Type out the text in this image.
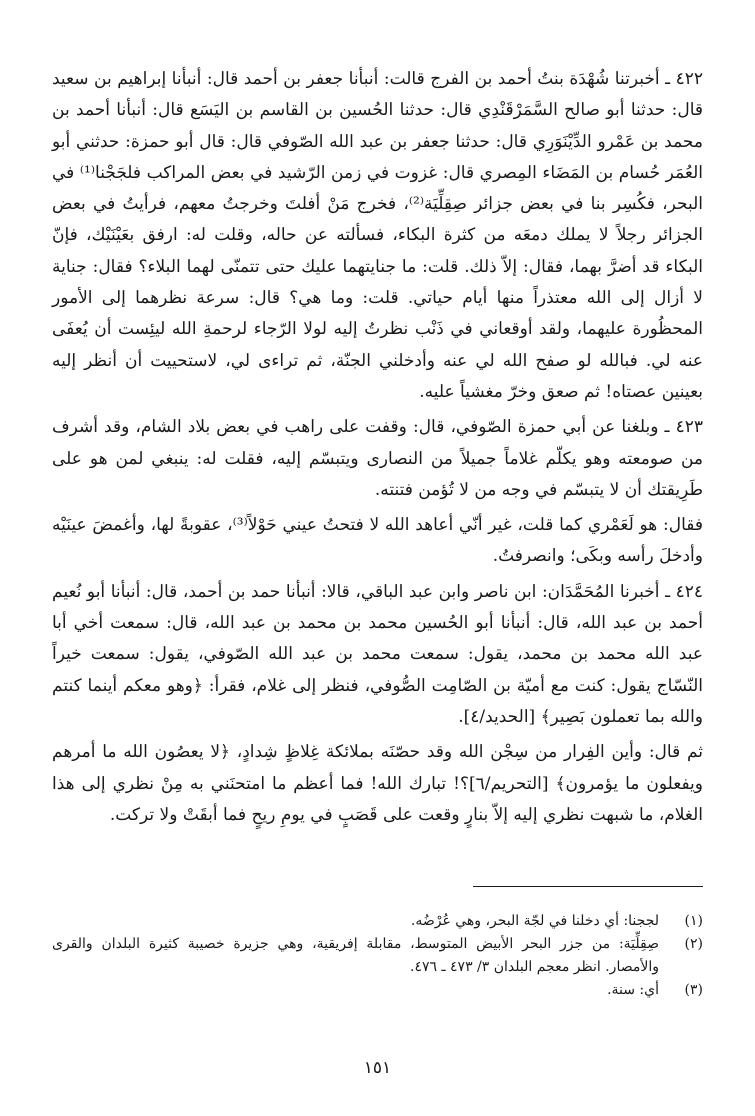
٤٢٢ ـ أخبرتنا شُهْدَة بنتُ أحمد بن الفرج قالت: أنبأنا جعفر بن أحمد قال: أنبأنا إبراهيم بن سعيد قال: حدثنا أبو صالح السَّمَرْقَنْدِي قال: حدثنا الحُسين بن القاسم بن اليَسَع قال: أنبأنا أحمد بن محمد بن عَمْرو الدِّيْنَوَرِي قال: حدثنا جعفر بن عبد الله الصّوفي قال: قال أبو حمزة: حدثني أبو العُمَر حُسام بن المَضَاء المِصري قال: غزوت في زمن الرّشيد في بعض المراكب فلجَجْنا⁽¹⁾ في البحر، فكُسِر بنا في بعض جزائر صِقِلِّيَة⁽²⁾، فخرج مَنْ أفلتَ وخرجتُ معهم، فرأيتُ في بعض الجزائر رجلاً لا يملك دمعَه من كثرة البكاء، فسألته عن حاله، وقلت له: ارفق بعَيْنَيْك، فإنّ البكاء قد أضرَّ بهما، فقال: إلاّ ذلك. قلت: ما جنايتهما عليك حتى تتمنّى لهما البلاء؟ فقال: جناية لا أزال إلى الله معتذراً منها أيام حياتي. قلت: وما هي؟ قال: سرعة نظرهما إلى الأمور المحظُورة عليهما، ولقد أوقعاني في ذَنْب نظرتُ إليه لولا الرّجاء لرحمةِ الله ليئِست أن يُعفَى عنه لي. فبالله لو صفح الله لي عنه وأدخلني الجنّة، ثم تراءى لي، لاستحييت أن أنظر إليه بعينين عصتاه! ثم صعق وخرّ مغشياً عليه.

٤٢٣ ـ وبلغنا عن أبي حمزة الصّوفي، قال: وقفت على راهب في بعض بلاد الشام، وقد أشرف من صومعته وهو يكلّم غلاماً جميلاً من النصارى ويتبسّم إليه، فقلت له: ينبغي لمن هو على طَرِيقتك أن لا يتبسّم في وجه من لا تُؤمن فتنته.

فقال: هو لَعَمْري كما قلت، غير أنّي أعاهد الله لا فتحتُ عيني حَوْلاً⁽³⁾، عقوبةً لها، وأغمضَ عينَيْه وأدخلَ رأسه وبكَى؛ وانصرفتُ.

٤٢٤ ـ أخبرنا المُحَمَّدَان: ابن ناصر وابن عبد الباقي، قالا: أنبأنا حمد بن أحمد، قال: أنبأنا أبو نُعيم أحمد بن عبد الله، قال: أنبأنا أبو الحُسين محمد بن محمد بن عبد الله، قال: سمعت أخي أبا عبد الله محمد بن محمد، يقول: سمعت محمد بن عبد الله الصّوفي، يقول: سمعت خيراً النّسّاج يقول: كنت مع أميّة بن الصّامِت الصُّوفي، فنظر إلى غلام، فقرأ: ﴿وهو معكم أينما كنتم والله بما تعملون بَصِير﴾ [الحديد/٤].

ثم قال: وأين الفِرار من سِجْن الله وقد حصّنَه بملائكة غِلاظٍ شِدادٍ، ﴿لا يعصُون الله ما أمرهم ويفعلون ما يؤمرون﴾ [التحريم/٦]؟! تبارك الله! فما أعظم ما امتحنَني به مِنْ نظري إلى هذا الغلام، ما شبهت نظري إليه إلاّ بنارٍ وقعت على قَصَبٍ في يومِ ريحٍ فما أبقَتْ ولا تركت.

(١)
لججنا: أي دخلنا في لجّة البحر، وهي عُرْضُه.
(٢)
صِقِلِّيَة: من جزر البحر الأبيض المتوسط، مقابلة إفريقية، وهي جزيرة خصيبة كثيرة البلدان والقرى والأمصار. انظر معجم البلدان ٣/ ٤٧٣ ـ ٤٧٦.
(٣)
أي: سنة.
١٥١
